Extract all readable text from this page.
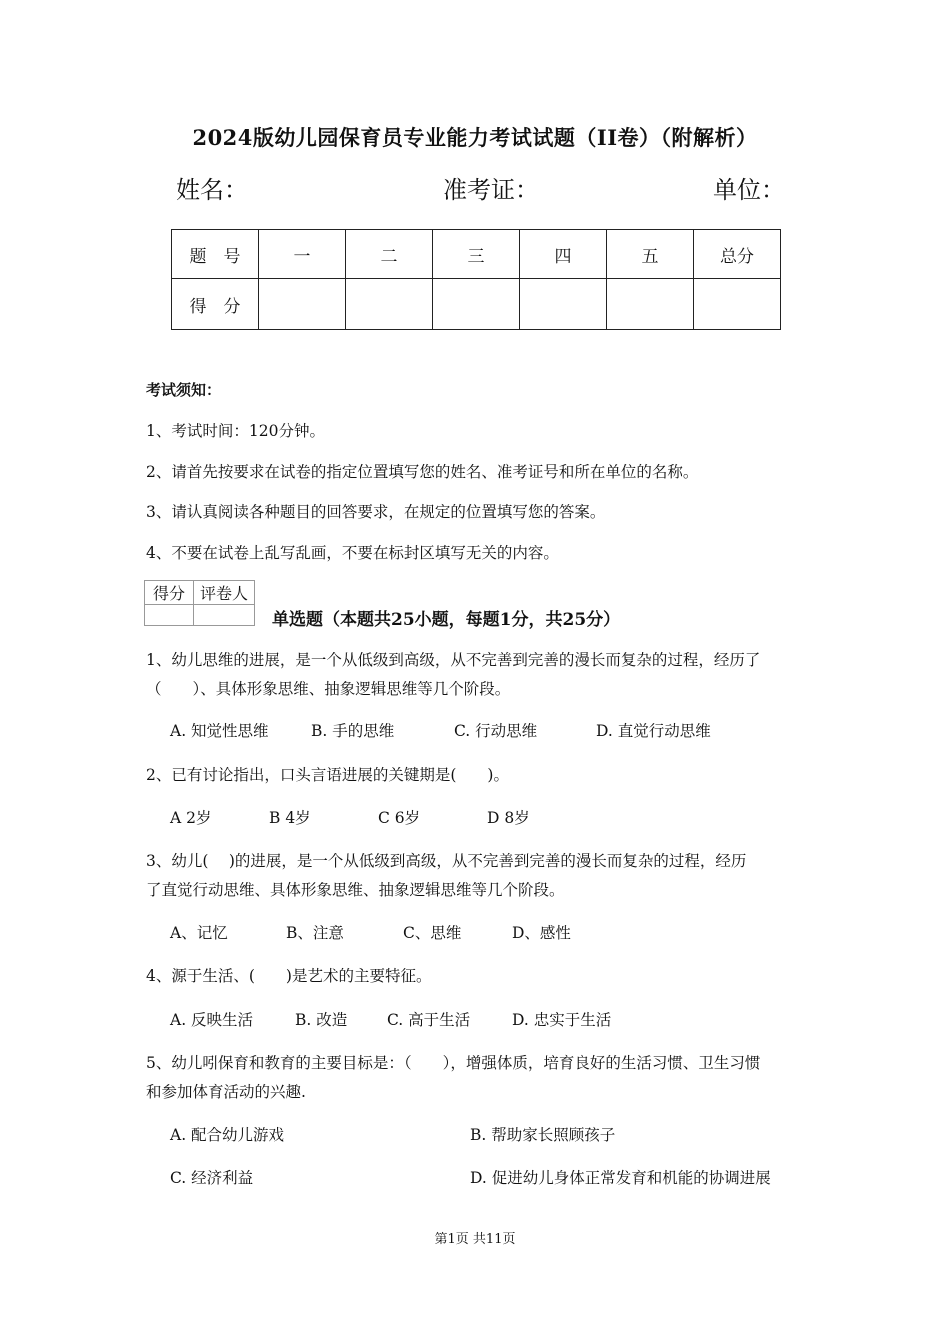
2024版幼儿园保育员专业能力考试试题（II卷）（附解析）
姓名：	准考证：	单位：
题　号	一	二	三	四	五	总分
得　分						
考试须知：
1、考试时间：120分钟。
2、请首先按要求在试卷的指定位置填写您的姓名、准考证号和所在单位的名称。
3、请认真阅读各种题目的回答要求，在规定的位置填写您的答案。
4、不要在试卷上乱写乱画，不要在标封区填写无关的内容。
得分	评卷人

单选题（本题共25小题，每题1分，共25分）
1、幼儿思维的进展，是一个从低级到高级，从不完善到完善的漫长而复杂的过程，经历了
（　　）、具体形象思维、抽象逻辑思维等几个阶段。
A. 知觉性思维	B. 手的思维	C. 行动思维	D. 直觉行动思维
2、已有讨论指出，口头言语进展的关键期是(　　)。
A 2岁	B 4岁	C 6岁	D 8岁
3、幼儿(　 )的进展，是一个从低级到高级，从不完善到完善的漫长而复杂的过程，经历
了直觉行动思维、具体形象思维、抽象逻辑思维等几个阶段。
A、记忆	B、注意	C、思维	D、感性
4、源于生活、(　　)是艺术的主要特征。
A. 反映生活	B. 改造	C. 高于生活	D. 忠实于生活
5、幼儿吲保育和教育的主要目标是：（　　），增强体质，培育良好的生活习惯、卫生习惯
和参加体育活动的兴趣.
A. 配合幼儿游戏	B. 帮助家长照顾孩子
C. 经济利益	D. 促进幼儿身体正常发育和机能的协调进展
第1页 共11页
